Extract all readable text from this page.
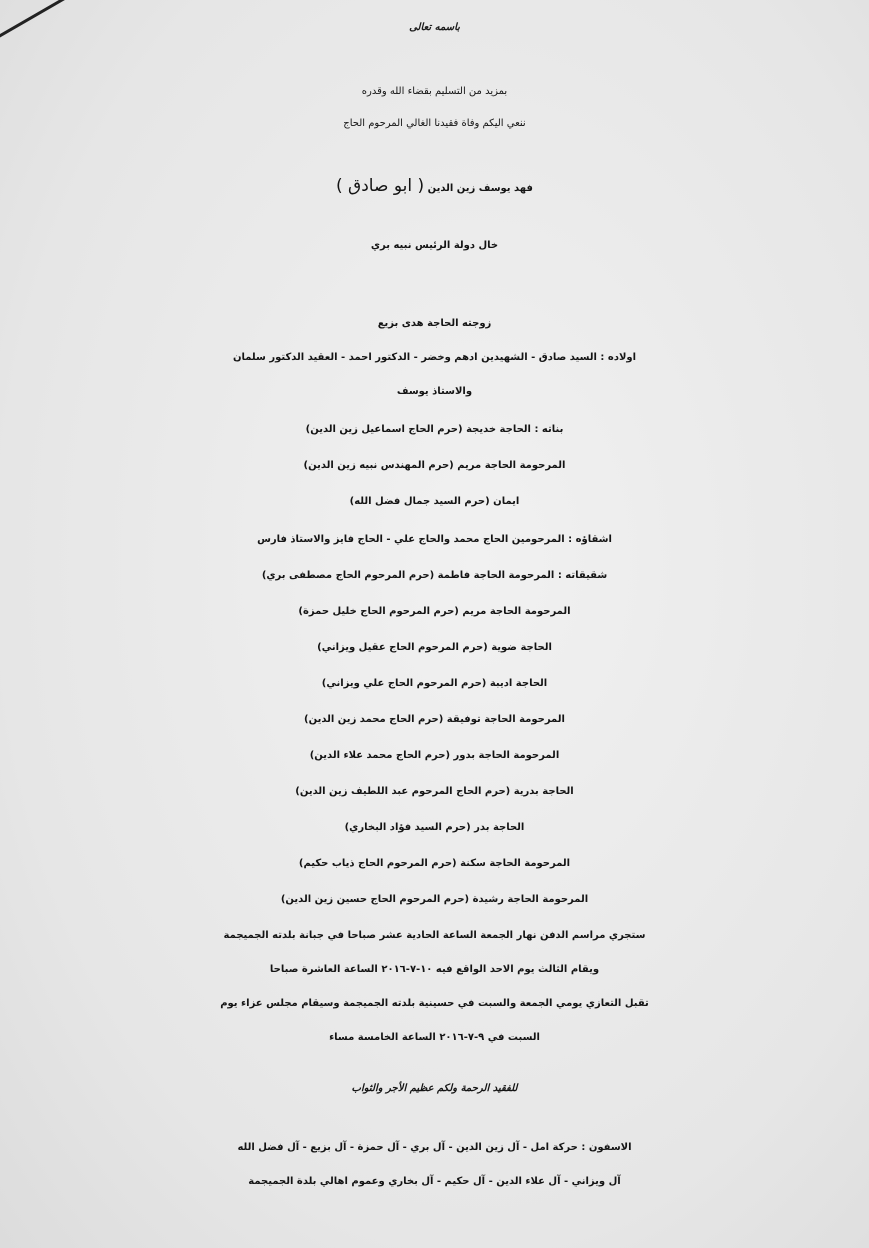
باسمه تعالى
بمزيد من التسليم بقضاء الله وقدره
ننعي اليكم وفاة فقيدنا الغالي المرحوم الحاج
فهد يوسف زين الدين ( ابو صادق )
خال دولة الرئيس نبيه بري
زوجته الحاجة هدى بزيع
اولاده : السيد صادق - الشهيدين ادهم وخضر - الدكتور احمد - العقيد الدكتور سلمان
والاستاذ يوسف
بناته : الحاجة خديجة (حرم الحاج اسماعيل زين الدين)
المرحومة الحاجة مريم (حرم المهندس نبيه زين الدين)
ايمان (حرم السيد جمال فضل الله)
اشقاؤه : المرحومين الحاج محمد والحاج علي - الحاج فايز والاستاذ فارس
شقيقاته : المرحومة الحاجة فاطمة (حرم المرحوم الحاج مصطفى بري)
المرحومة الحاجة مريم (حرم المرحوم الحاج خليل حمزة)
الحاجة ضوية (حرم المرحوم الحاج عقيل ويزاني)
الحاجة اديبة (حرم المرحوم الحاج علي ويزاني)
المرحومة الحاجة توفيقة (حرم الحاج محمد زين الدين)
المرحومة الحاجة بدور (حرم الحاج محمد علاء الدين)
الحاجة بدرية (حرم الحاج المرحوم عبد اللطيف زين الدين)
الحاجة بدر (حرم السيد فؤاد البخاري)
المرحومة الحاجة سكنة (حرم المرحوم الحاج ذياب حكيم)
المرحومة الحاجة رشيدة (حرم المرحوم الحاج حسين زين الدين)
ستجري مراسم الدفن نهار الجمعة الساعة الحادية عشر صباحا في جبانة بلدته الجميجمة
ويقام الثالث يوم الاحد الواقع فيه ١٠-٧-٢٠١٦ الساعة العاشرة صباحا
تقبل التعازي يومي الجمعة والسبت في حسينية بلدته الجميجمة وسيقام مجلس عزاء يوم
السبت في ٩-٧-٢٠١٦ الساعة الخامسة مساء
للفقيد الرحمة ولكم عظيم الأجر والثواب
الاسفون : حركة امل - آل زين الدين - آل بري - آل حمزة - آل بزيع - آل فضل الله
آل ويزاني - آل علاء الدين - آل حكيم - آل بخاري وعموم اهالي بلدة الجميجمة
